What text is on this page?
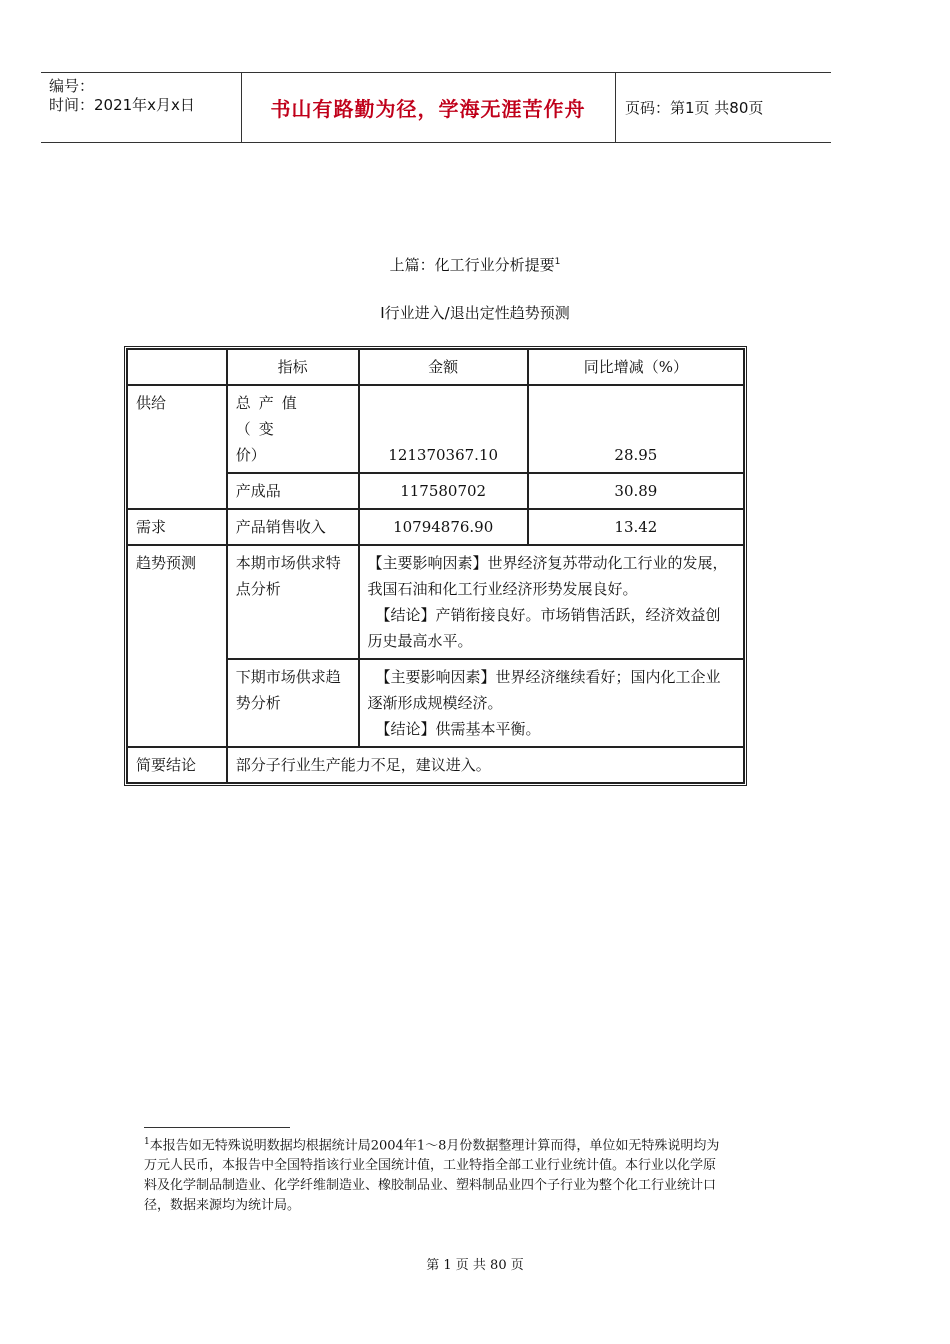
编号：
时间：2021年x月x日	书山有路勤为径，学海无涯苦作舟	页码：第1页 共80页
上篇：化工行业分析提要$^1$
I行业进入/退出定性趋势预测
	指标	金额	同比增减（%）
供给	总产值（变
价）	121370367.10	28.95
	产成品	117580702	30.89
需求	产品销售收入	10794876.90	13.42
趋势预测	本期市场供求特点分析	【主要影响因素】世界经济复苏带动化工行业的发展，我国石油和化工行业经济形势发展良好。
【结论】产销衔接良好。市场销售活跃，经济效益创历史最高水平。	

	下期市场供求趋势分析	【主要影响因素】世界经济继续看好；国内化工企业逐渐形成规模经济。
【结论】供需基本平衡。	

简要结论	部分子行业生产能力不足，建议进入。		
$^1$本报告如无特殊说明数据均根据统计局2004年1～8月份数据整理计算而得，单位如无特殊说明均为万元人民币，本报告中全国特指该行业全国统计值，工业特指全部工业行业统计值。本行业以化学原料及化学制品制造业、化学纤维制造业、橡胶制品业、塑料制品业四个子行业为整个化工行业统计口径，数据来源均为统计局。
第 1 页 共 80 页
